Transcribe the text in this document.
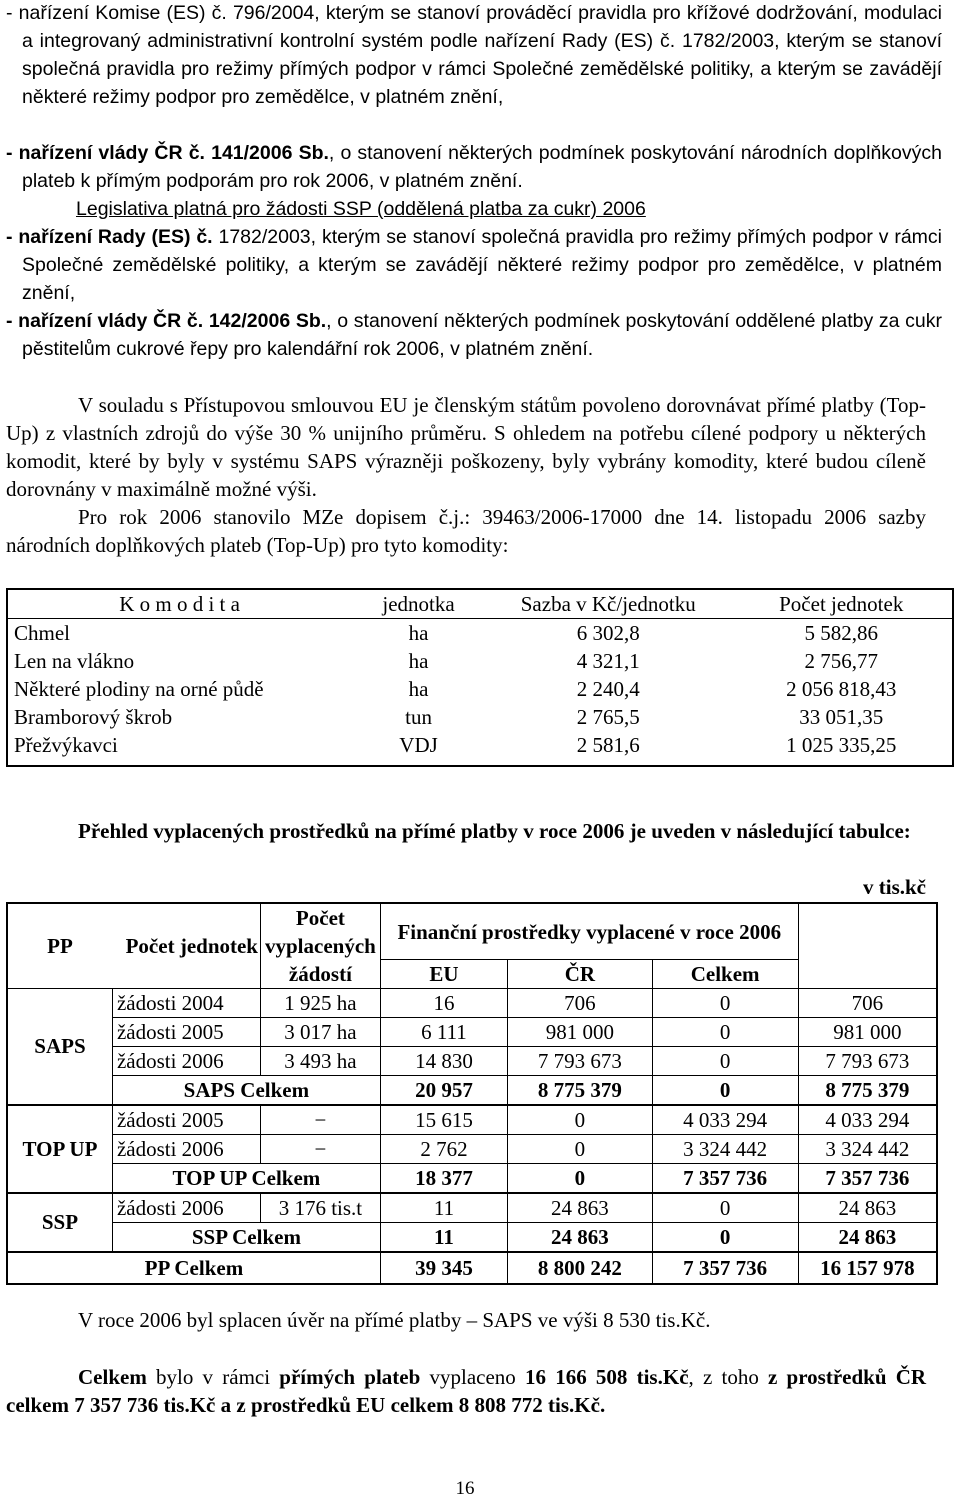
- nařízení Komise (ES) č. 796/2004, kterým se stanoví prováděcí pravidla pro křížové dodržování, modulaci a integrovaný administrativní kontrolní systém podle nařízení Rady (ES) č. 1782/2003, kterým se stanoví společná pravidla pro režimy přímých podpor v rámci Společné zemědělské politiky, a kterým se zavádějí některé režimy podpor pro zemědělce, v platném znění,
- nařízení vlády ČR č. 141/2006 Sb., o stanovení některých podmínek poskytování národních doplňkových plateb k přímým podporám pro rok 2006, v platném znění.
Legislativa platná pro žádosti SSP (oddělená platba za cukr) 2006
- nařízení Rady (ES) č. 1782/2003, kterým se stanoví společná pravidla pro režimy přímých podpor v rámci Společné zemědělské politiky, a kterým se zavádějí některé režimy podpor pro zemědělce, v platném znění,
- nařízení vlády ČR č. 142/2006 Sb., o stanovení některých podmínek poskytování oddělené platby za cukr pěstitelům cukrové řepy pro kalendářní rok 2006, v platném znění.
V souladu s Přístupovou smlouvou EU je členským státům povoleno dorovnávat přímé platby (Top-Up) z vlastních zdrojů do výše 30 % unijního průměru. S ohledem na potřebu cílené podpory u některých komodit, které by byly v systému SAPS výrazněji poškozeny, byly vybrány komodity, které budou cíleně dorovnány v maximálně možné výši.
Pro rok 2006 stanovilo MZe dopisem č.j.: 39463/2006-17000 dne 14. listopadu 2006 sazby národních doplňkových plateb (Top-Up) pro tyto komodity:
K o m o d i t a	jednotka	Sazba v Kč/jednotku	Počet jednotek
Chmel	ha	6 302,8	5 582,86
Len na vlákno	ha	4 321,1	2 756,77
Některé plodiny na orné půdě	ha	2 240,4	2 056 818,43
Bramborový škrob	tun	2 765,5	33 051,35
Přežvýkavci	VDJ	2 581,6	1 025 335,25
Přehled vyplacených prostředků na přímé platby v roce 2006 je uveden v následující tabulce:
v tis.kč
PP Počet jednotek		Počet vyplacených žádostí	Finanční prostředky vyplacené v roce 2006			

			EU	ČR	Celkem	
SAPS	žádosti 2004	1 925 ha	16	706	0	706
	žádosti 2005	3 017 ha	6 111	981 000	0	981 000
	žádosti 2006	3 493 ha	14 830	7 793 673	0	7 793 673
	SAPS Celkem		20 957	8 775 379	0	8 775 379
TOP UP	žádosti 2005	−	15 615	0	4 033 294	4 033 294
	žádosti 2006	−	2 762	0	3 324 442	3 324 442
	TOP UP Celkem		18 377	0	7 357 736	7 357 736
SSP	žádosti 2006	3 176 tis.t	11	24 863	0	24 863
	SSP Celkem		11	24 863	0	24 863
PP Celkem			39 345	8 800 242	7 357 736	16 157 978
V roce 2006 byl splacen úvěr na přímé platby – SAPS ve výši 8 530 tis.Kč.
Celkem bylo v rámci přímých plateb vyplaceno 16 166 508 tis.Kč, z toho z prostředků ČR celkem 7 357 736 tis.Kč a z prostředků EU celkem 8 808 772 tis.Kč.
16
